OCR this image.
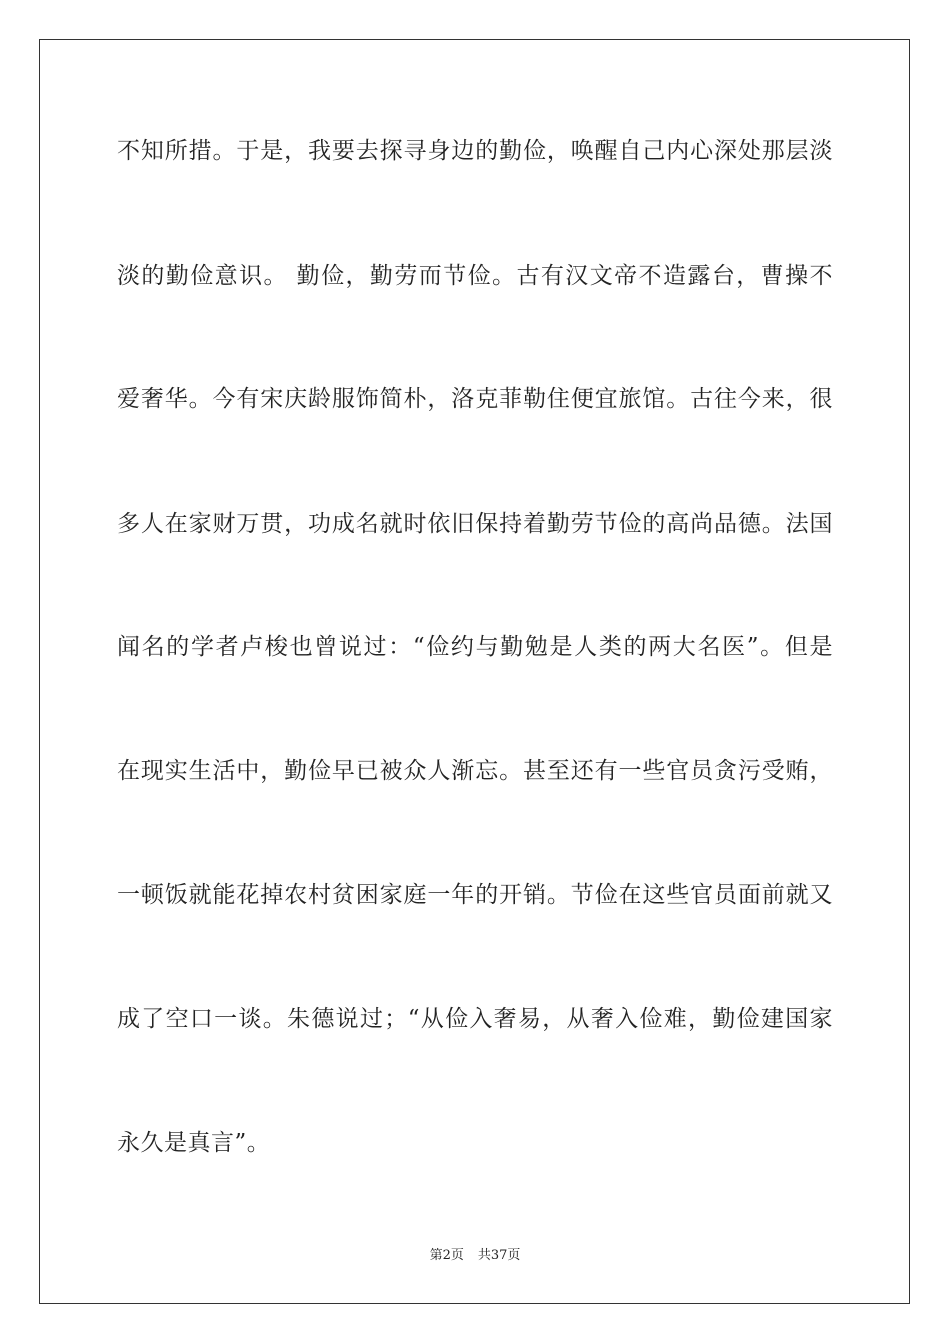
不知所措。于是，我要去探寻身边的勤俭，唤醒自己内心深处那层淡
淡的勤俭意识。 勤俭，勤劳而节俭。古有汉文帝不造露台，曹操不
爱奢华。今有宋庆龄服饰简朴，洛克菲勒住便宜旅馆。古往今来，很
多人在家财万贯，功成名就时依旧保持着勤劳节俭的高尚品德。法国
闻名的学者卢梭也曾说过：“俭约与勤勉是人类的两大名医”。但是
在现实生活中，勤俭早已被众人渐忘。甚至还有一些官员贪污受贿，
一顿饭就能花掉农村贫困家庭一年的开销。节俭在这些官员面前就又
成了空口一谈。朱德说过；“从俭入奢易，从奢入俭难，勤俭建国家
永久是真言”。
第2页 共37页
